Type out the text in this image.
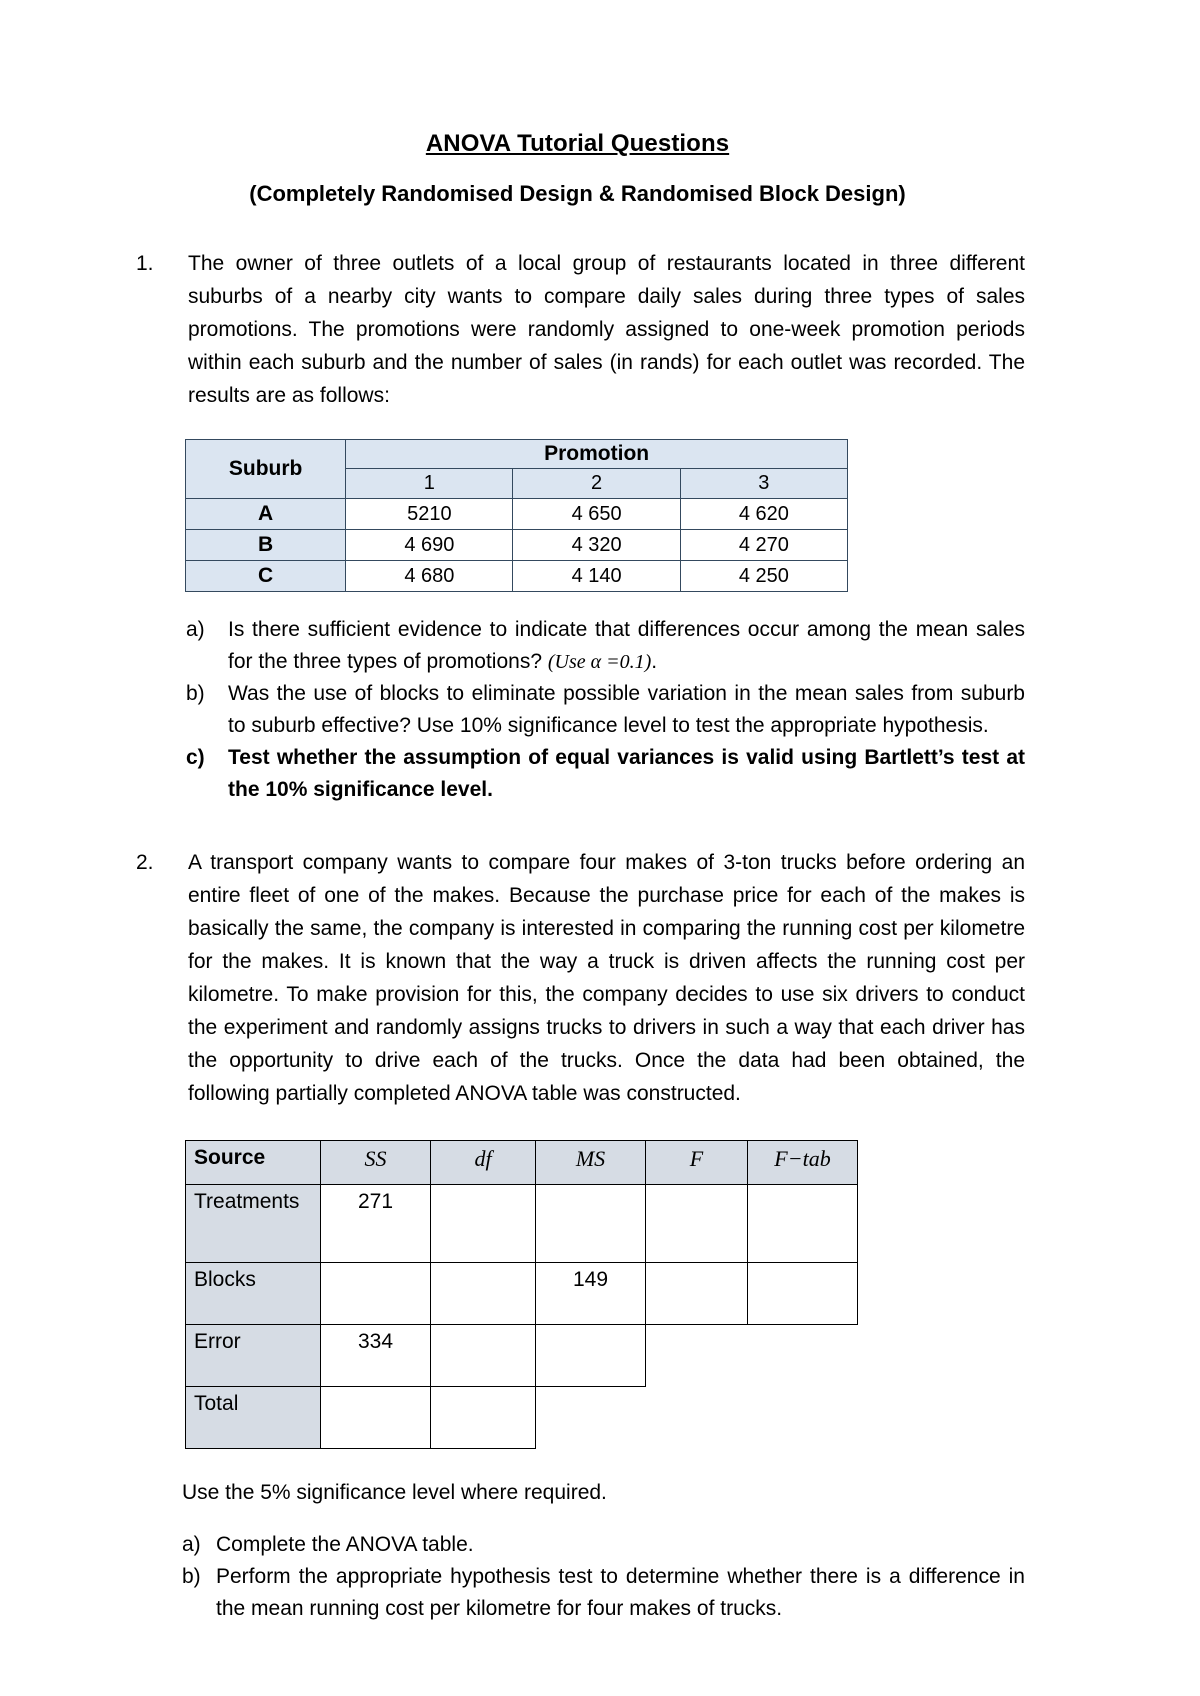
ANOVA Tutorial Questions
(Completely Randomised Design & Randomised Block Design)
1.	The owner of three outlets of a local group of restaurants located in three different suburbs of a nearby city wants to compare daily sales during three types of sales promotions. The promotions were randomly assigned to one-week promotion periods within each suburb and the number of sales (in rands) for each outlet was recorded. The results are as follows:

Suburb	Promotion		
	1	2	3
A	5210	4 650	4 620
B	4 690	4 320	4 270
C	4 680	4 140	4 250
a)	Is there sufficient evidence to indicate that differences occur among the mean sales for the three types of promotions? (Use α =0.1).
b)	Was the use of blocks to eliminate possible variation in the mean sales from suburb to suburb effective? Use 10% significance level to test the appropriate hypothesis.
c)	Test whether the assumption of equal variances is valid using Bartlett’s test at the 10% significance level.
2.	A transport company wants to compare four makes of 3-ton trucks before ordering an entire fleet of one of the makes. Because the purchase price for each of the makes is basically the same, the company is interested in comparing the running cost per kilometre for the makes. It is known that the way a truck is driven affects the running cost per kilometre. To make provision for this, the company decides to use six drivers to conduct the experiment and randomly assigns trucks to drivers in such a way that each driver has the opportunity to drive each of the trucks. Once the data had been obtained, the following partially completed ANOVA table was constructed.

Source	SS	df	MS	F	F−tab
Treatments	271				
Blocks			149		
Error	334				
Total					
Use the 5% significance level where required.
a) Complete the ANOVA table.
b) Perform the appropriate hypothesis test to determine whether there is a difference in the mean running cost per kilometre for four makes of trucks.
